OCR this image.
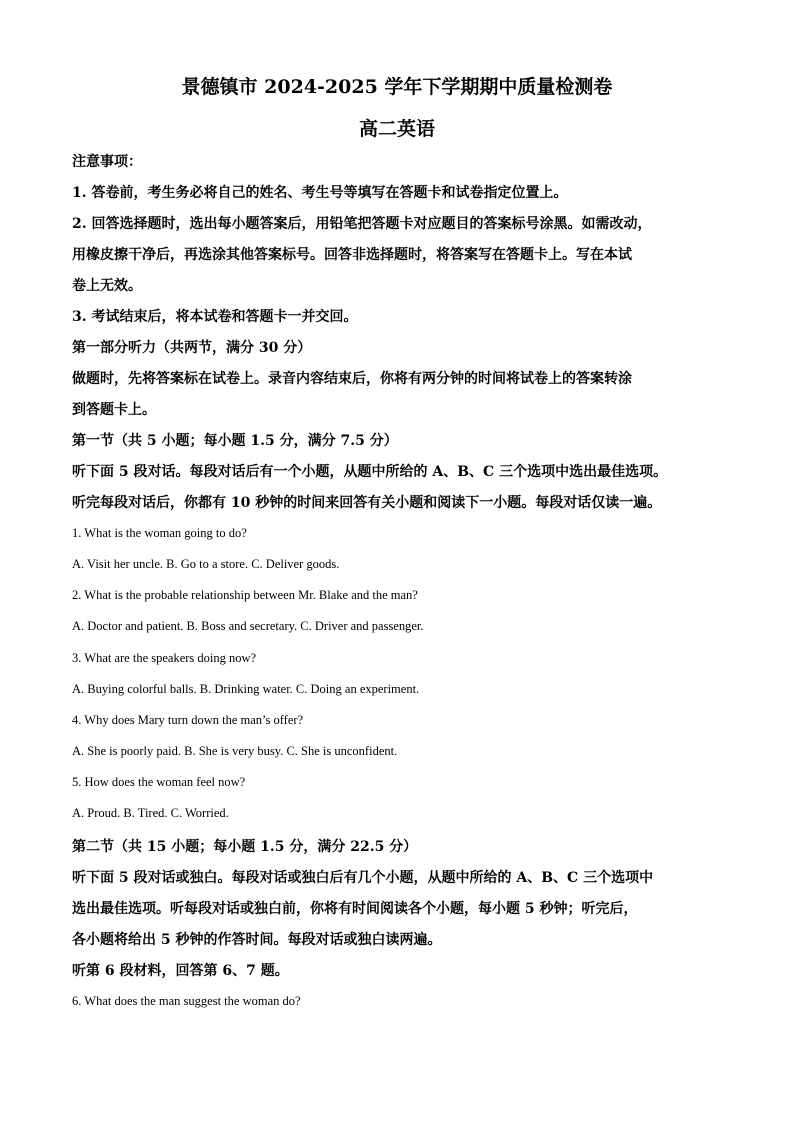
景德镇市 2024-2025 学年下学期期中质量检测卷
高二英语
注意事项：
1. 答卷前，考生务必将自己的姓名、考生号等填写在答题卡和试卷指定位置上。
2. 回答选择题时，选出每小题答案后，用铅笔把答题卡对应题目的答案标号涂黑。如需改动，
用橡皮擦干净后，再选涂其他答案标号。回答非选择题时，将答案写在答题卡上。写在本试
卷上无效。
3. 考试结束后，将本试卷和答题卡一并交回。
第一部分听力（共两节，满分 30 分）
做题时，先将答案标在试卷上。录音内容结束后，你将有两分钟的时间将试卷上的答案转涂
到答题卡上。
第一节（共 5 小题；每小题 1.5 分，满分 7.5 分）
听下面 5 段对话。每段对话后有一个小题，从题中所给的 A、B、C 三个选项中选出最佳选项。
听完每段对话后，你都有 10 秒钟的时间来回答有关小题和阅读下一小题。每段对话仅读一遍。
1. What is the woman going to do?
A. Visit her uncle. B. Go to a store. C. Deliver goods.
2. What is the probable relationship between Mr. Blake and the man?
A. Doctor and patient. B. Boss and secretary. C. Driver and passenger.
3. What are the speakers doing now?
A. Buying colorful balls. B. Drinking water. C. Doing an experiment.
4. Why does Mary turn down the man’s offer?
A. She is poorly paid. B. She is very busy. C. She is unconfident.
5. How does the woman feel now?
A. Proud. B. Tired. C. Worried.
第二节（共 15 小题；每小题 1.5 分，满分 22.5 分）
听下面 5 段对话或独白。每段对话或独白后有几个小题，从题中所给的 A、B、C 三个选项中
选出最佳选项。听每段对话或独白前，你将有时间阅读各个小题，每小题 5 秒钟；听完后，
各小题将给出 5 秒钟的作答时间。每段对话或独白读两遍。
听第 6 段材料，回答第 6、7 题。
6. What does the man suggest the woman do?
